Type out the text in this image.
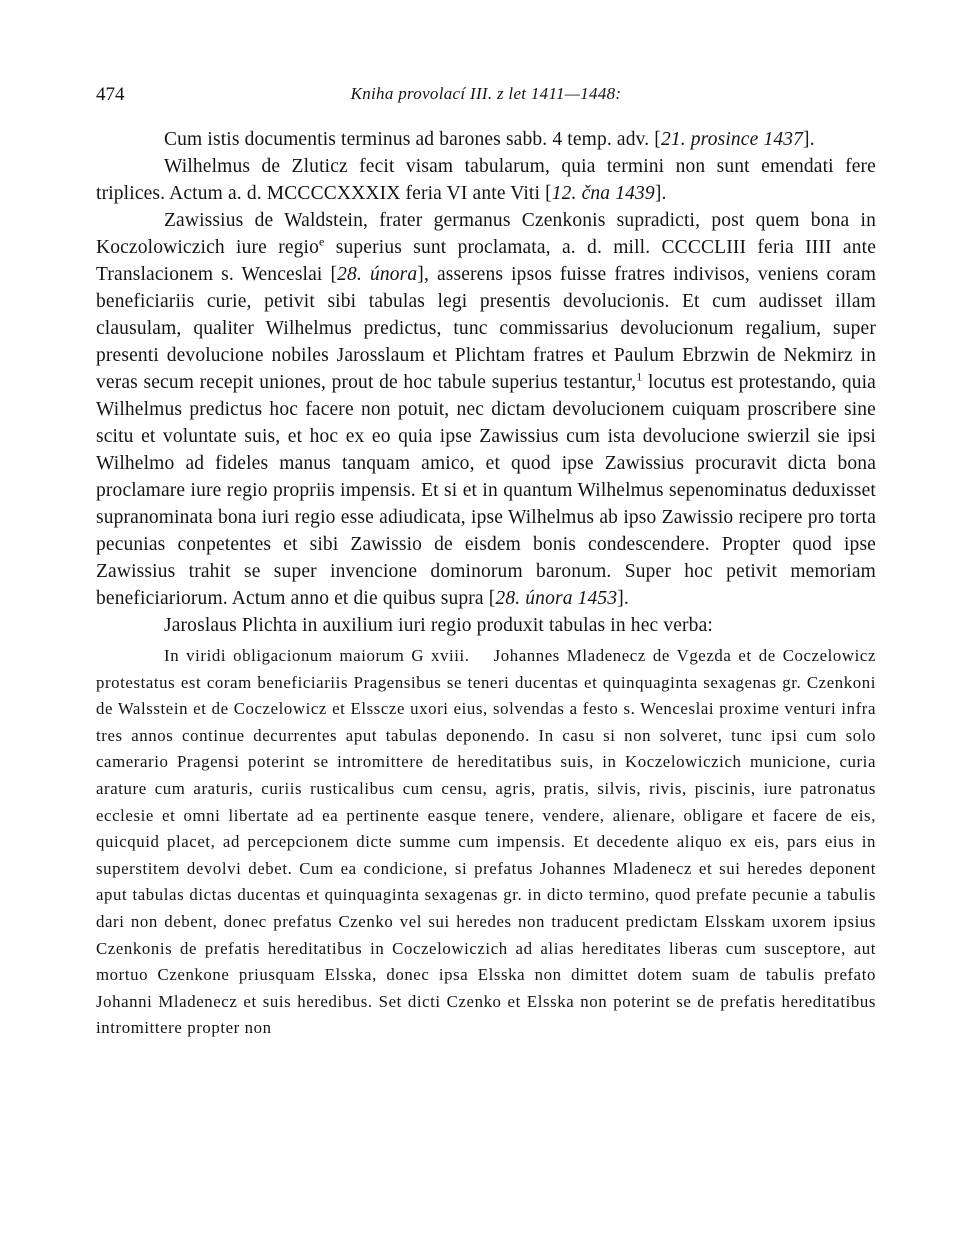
474	Kniha provolací III. z let 1411—1448:

Cum istis documentis terminus ad barones sabb. 4 temp. adv. [21. prosince 1437].

Wilhelmus de Zluticz fecit visam tabularum, quia termini non sunt emendati fere triplices. Actum a. d. MCCCCXXXIX feria VI ante Viti [12. čna 1439].

Zawissius de Waldstein, frater germanus Czenkonis supradicti, post quem bona in Koczolowiczich iure regio$^e$ superius sunt proclamata, a. d. mill. CCCCLIII feria IIII ante Translacionem s. Wenceslai [28. února], asserens ipsos fuisse fratres indivisos, veniens coram beneficiariis curie, petivit sibi tabulas legi presentis devolucionis. Et cum audisset illam clausulam, qualiter Wilhelmus predictus, tunc commissarius devolucionum regalium, super presenti devolucione nobiles Jarosslaum et Plichtam fratres et Paulum Ebrzwin de Nekmirz in veras secum recepit uniones, prout de hoc tabule superius testantur,$^1$ locutus est protestando, quia Wilhelmus predictus hoc facere non potuit, nec dictam devolucionem cuiquam proscribere sine scitu et voluntate suis, et hoc ex eo quia ipse Zawissius cum ista devolucione swierzil sie ipsi Wilhelmo ad fideles manus tanquam amico, et quod ipse Zawissius procuravit dicta bona proclamare iure regio propriis impensis. Et si et in quantum Wilhelmus sepenominatus deduxisset supranominata bona iuri regio esse adiudicata, ipse Wilhelmus ab ipso Zawissio recipere pro torta pecunias conpetentes et sibi Zawissio de eisdem bonis condescendere. Propter quod ipse Zawissius trahit se super invencione dominorum baronum. Super hoc petivit memoriam beneficiariorum. Actum anno et die quibus supra [28. února 1453].

Jaroslaus Plichta in auxilium iuri regio produxit tabulas in hec verba:

In viridi obligacionum maiorum G xviii. Johannes Mladenecz de Vgezda et de Coczelowicz protestatus est coram beneficiariis Pragensibus se teneri ducentas et quinquaginta sexagenas gr. Czenkoni de Walsstein et de Coczelowicz et Elsscze uxori eius, solvendas a festo s. Wenceslai proxime venturi infra tres annos continue decurrentes aput tabulas deponendo. In casu si non solveret, tunc ipsi cum solo camerario Pragensi poterint se intromittere de hereditatibus suis, in Koczelowiczich municione, curia arature cum araturis, curiis rusticalibus cum censu, agris, pratis, silvis, rivis, piscinis, iure patronatus ecclesie et omni libertate ad ea pertinente easque tenere, vendere, alienare, obligare et facere de eis, quicquid placet, ad percepcionem dicte summe cum impensis. Et decedente aliquo ex eis, pars eius in superstitem devolvi debet. Cum ea condicione, si prefatus Johannes Mladenecz et sui heredes deponent aput tabulas dictas ducentas et quinquaginta sexagenas gr. in dicto termino, quod prefate pecunie a tabulis dari non debent, donec prefatus Czenko vel sui heredes non traducent predictam Elsskam uxorem ipsius Czenkonis de prefatis hereditatibus in Coczelowiczich ad alias hereditates liberas cum susceptore, aut mortuo Czenkone priusquam Elsska, donec ipsa Elsska non dimittet dotem suam de tabulis prefato Johanni Mladenecz et suis heredibus. Set dicti Czenko et Elsska non poterint se de prefatis hereditatibus intromittere propter non
